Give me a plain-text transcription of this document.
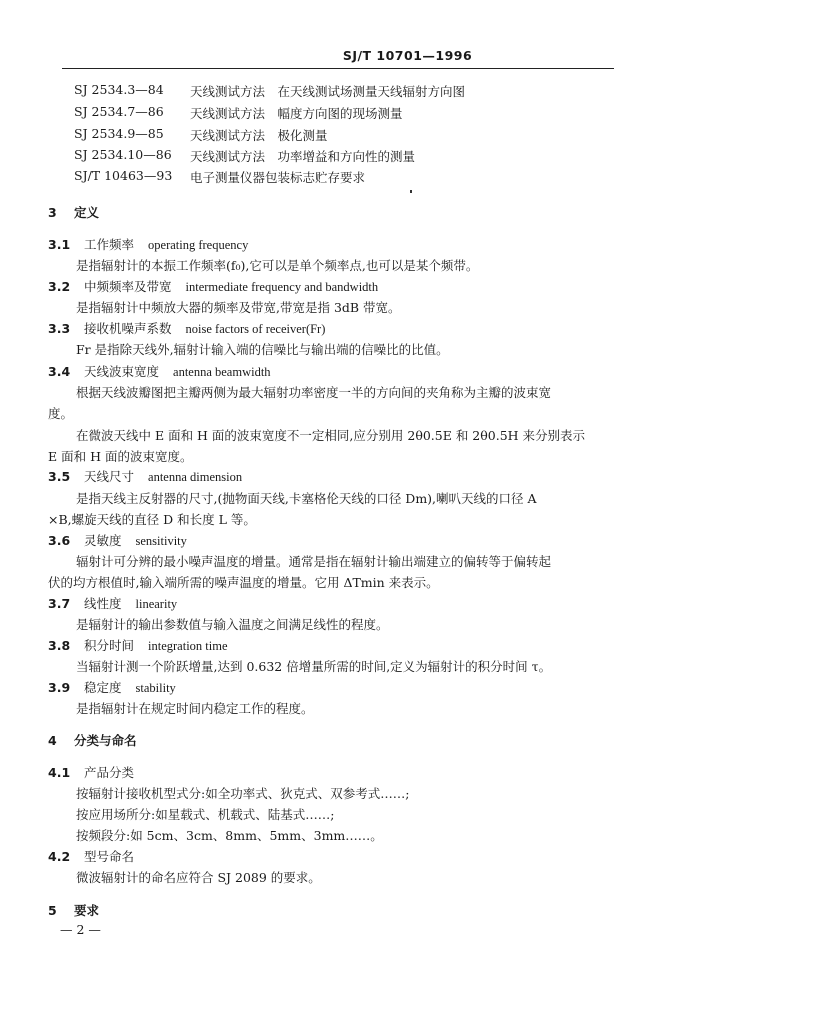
SJ/T 10701—1996
SJ 2534.3—84 天线测试方法　在天线测试场测量天线辐射方向图
SJ 2534.7—86 天线测试方法　幅度方向图的现场测量
SJ 2534.9—85 天线测试方法　极化测量
SJ 2534.10—86 天线测试方法　功率增益和方向性的测量
SJ/T 10463—93 电子测量仪器包装标志贮存要求
3 定义
3.1 工作频率 operating frequency
是指辐射计的本振工作频率(f₀),它可以是单个频率点,也可以是某个频带。
3.2 中频频率及带宽 intermediate frequency and bandwidth
是指辐射计中频放大器的频率及带宽,带宽是指 3dB 带宽。
3.3 接收机噪声系数 noise factors of receiver(Fr)
Fr 是指除天线外,辐射计输入端的信噪比与输出端的信噪比的比值。
3.4 天线波束宽度 antenna beamwidth
根据天线波瓣图把主瓣两侧为最大辐射功率密度一半的方向间的夹角称为主瓣的波束宽
度。
在微波天线中 E 面和 H 面的波束宽度不一定相同,应分别用 2θ0.5E 和 2θ0.5H 来分别表示
E 面和 H 面的波束宽度。
3.5 天线尺寸 antenna dimension
是指天线主反射器的尺寸,(抛物面天线,卡塞格伦天线的口径 Dm),喇叭天线的口径 A
×B,螺旋天线的直径 D 和长度 L 等。
3.6 灵敏度 sensitivity
辐射计可分辨的最小噪声温度的增量。通常是指在辐射计输出端建立的偏转等于偏转起
伏的均方根值时,输入端所需的噪声温度的增量。它用 ΔTmin 来表示。
3.7 线性度 linearity
是辐射计的输出参数值与输入温度之间满足线性的程度。
3.8 积分时间 integration time
当辐射计测一个阶跃增量,达到 0.632 倍增量所需的时间,定义为辐射计的积分时间 τ。
3.9 稳定度 stability
是指辐射计在规定时间内稳定工作的程度。
4 分类与命名
4.1 产品分类
按辐射计接收机型式分:如全功率式、狄克式、双参考式……;
按应用场所分:如星载式、机载式、陆基式……;
按频段分:如 5cm、3cm、8mm、5mm、3mm……。
4.2 型号命名
微波辐射计的命名应符合 SJ 2089 的要求。
5 要求
— 2 —
